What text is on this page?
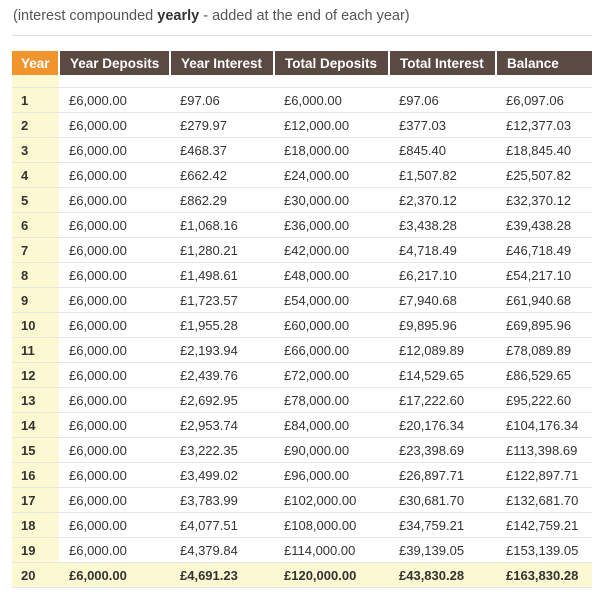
(interest compounded yearly - added at the end of each year)
Year	Year Deposits	Year Interest	Total Deposits	Total Interest	Balance

1	£6,000.00	£97.06	£6,000.00	£97.06	£6,097.06
2	£6,000.00	£279.97	£12,000.00	£377.03	£12,377.03
3	£6,000.00	£468.37	£18,000.00	£845.40	£18,845.40
4	£6,000.00	£662.42	£24,000.00	£1,507.82	£25,507.82
5	£6,000.00	£862.29	£30,000.00	£2,370.12	£32,370.12
6	£6,000.00	£1,068.16	£36,000.00	£3,438.28	£39,438.28
7	£6,000.00	£1,280.21	£42,000.00	£4,718.49	£46,718.49
8	£6,000.00	£1,498.61	£48,000.00	£6,217.10	£54,217.10
9	£6,000.00	£1,723.57	£54,000.00	£7,940.68	£61,940.68
10	£6,000.00	£1,955.28	£60,000.00	£9,895.96	£69,895.96
11	£6,000.00	£2,193.94	£66,000.00	£12,089.89	£78,089.89
12	£6,000.00	£2,439.76	£72,000.00	£14,529.65	£86,529.65
13	£6,000.00	£2,692.95	£78,000.00	£17,222.60	£95,222.60
14	£6,000.00	£2,953.74	£84,000.00	£20,176.34	£104,176.34
15	£6,000.00	£3,222.35	£90,000.00	£23,398.69	£113,398.69
16	£6,000.00	£3,499.02	£96,000.00	£26,897.71	£122,897.71
17	£6,000.00	£3,783.99	£102,000.00	£30,681.70	£132,681.70
18	£6,000.00	£4,077.51	£108,000.00	£34,759.21	£142,759.21
19	£6,000.00	£4,379.84	£114,000.00	£39,139.05	£153,139.05
20	£6,000.00	£4,691.23	£120,000.00	£43,830.28	£163,830.28
